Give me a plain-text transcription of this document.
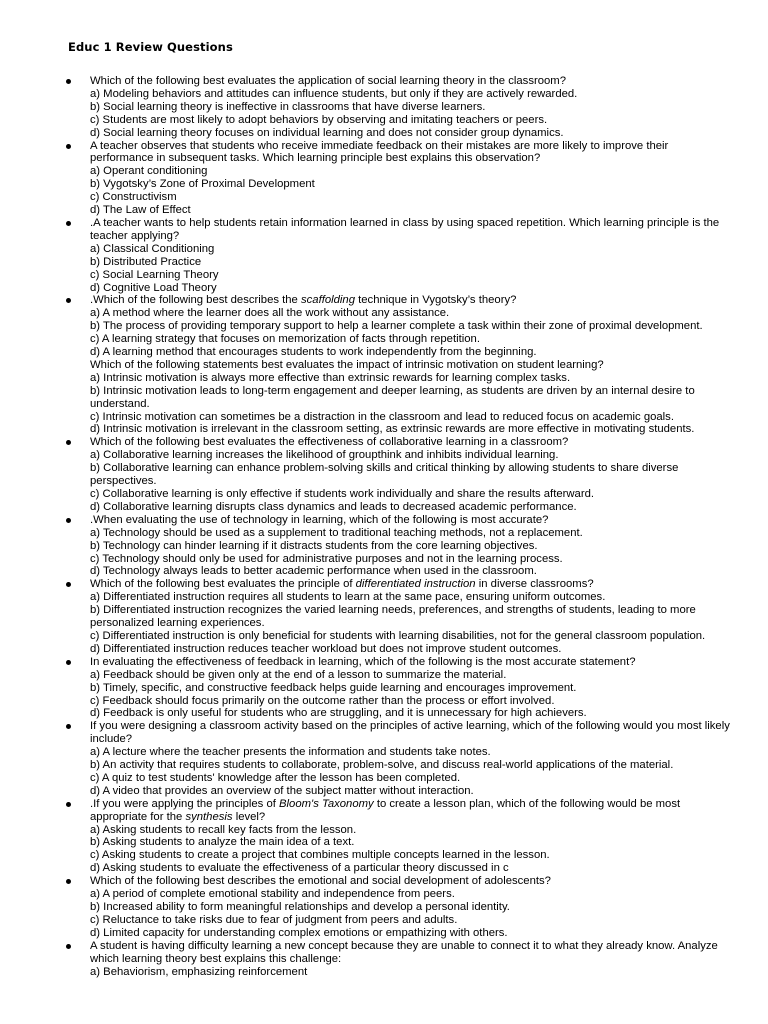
Educ 1 Review Questions
Which of the following best evaluates the application of social learning theory in the classroom?
a) Modeling behaviors and attitudes can influence students, but only if they are actively rewarded.
b) Social learning theory is ineffective in classrooms that have diverse learners.
c) Students are most likely to adopt behaviors by observing and imitating teachers or peers.
d) Social learning theory focuses on individual learning and does not consider group dynamics.
A teacher observes that students who receive immediate feedback on their mistakes are more likely to improve their performance in subsequent tasks. Which learning principle best explains this observation?
a) Operant conditioning
b) Vygotsky’s Zone of Proximal Development
c) Constructivism
d) The Law of Effect
.A teacher wants to help students retain information learned in class by using spaced repetition. Which learning principle is the teacher applying?
a) Classical Conditioning
b) Distributed Practice
c) Social Learning Theory
d) Cognitive Load Theory
.Which of the following best describes the scaffolding technique in Vygotsky’s theory?
a) A method where the learner does all the work without any assistance.
b) The process of providing temporary support to help a learner complete a task within their zone of proximal development.
c) A learning strategy that focuses on memorization of facts through repetition.
d) A learning method that encourages students to work independently from the beginning.
Which of the following statements best evaluates the impact of intrinsic motivation on student learning?
a) Intrinsic motivation is always more effective than extrinsic rewards for learning complex tasks.
b) Intrinsic motivation leads to long-term engagement and deeper learning, as students are driven by an internal desire to understand.
c) Intrinsic motivation can sometimes be a distraction in the classroom and lead to reduced focus on academic goals.
d) Intrinsic motivation is irrelevant in the classroom setting, as extrinsic rewards are more effective in motivating students.
Which of the following best evaluates the effectiveness of collaborative learning in a classroom?
a) Collaborative learning increases the likelihood of groupthink and inhibits individual learning.
b) Collaborative learning can enhance problem-solving skills and critical thinking by allowing students to share diverse perspectives.
c) Collaborative learning is only effective if students work individually and share the results afterward.
d) Collaborative learning disrupts class dynamics and leads to decreased academic performance.
.When evaluating the use of technology in learning, which of the following is most accurate?
a) Technology should be used as a supplement to traditional teaching methods, not a replacement.
b) Technology can hinder learning if it distracts students from the core learning objectives.
c) Technology should only be used for administrative purposes and not in the learning process.
d) Technology always leads to better academic performance when used in the classroom.
Which of the following best evaluates the principle of differentiated instruction in diverse classrooms?
a) Differentiated instruction requires all students to learn at the same pace, ensuring uniform outcomes.
b) Differentiated instruction recognizes the varied learning needs, preferences, and strengths of students, leading to more personalized learning experiences.
c) Differentiated instruction is only beneficial for students with learning disabilities, not for the general classroom population.
d) Differentiated instruction reduces teacher workload but does not improve student outcomes.
In evaluating the effectiveness of feedback in learning, which of the following is the most accurate statement?
a) Feedback should be given only at the end of a lesson to summarize the material.
b) Timely, specific, and constructive feedback helps guide learning and encourages improvement.
c) Feedback should focus primarily on the outcome rather than the process or effort involved.
d) Feedback is only useful for students who are struggling, and it is unnecessary for high achievers.
If you were designing a classroom activity based on the principles of active learning, which of the following would you most likely include?
a) A lecture where the teacher presents the information and students take notes.
b) An activity that requires students to collaborate, problem-solve, and discuss real-world applications of the material.
c) A quiz to test students' knowledge after the lesson has been completed.
d) A video that provides an overview of the subject matter without interaction.
.If you were applying the principles of Bloom's Taxonomy to create a lesson plan, which of the following would be most appropriate for the synthesis level?
a) Asking students to recall key facts from the lesson.
b) Asking students to analyze the main idea of a text.
c) Asking students to create a project that combines multiple concepts learned in the lesson.
d) Asking students to evaluate the effectiveness of a particular theory discussed in c
Which of the following best describes the emotional and social development of adolescents?
a) A period of complete emotional stability and independence from peers.
b) Increased ability to form meaningful relationships and develop a personal identity.
c) Reluctance to take risks due to fear of judgment from peers and adults.
d) Limited capacity for understanding complex emotions or empathizing with others.
A student is having difficulty learning a new concept because they are unable to connect it to what they already know. Analyze which learning theory best explains this challenge:
a) Behaviorism, emphasizing reinforcement
